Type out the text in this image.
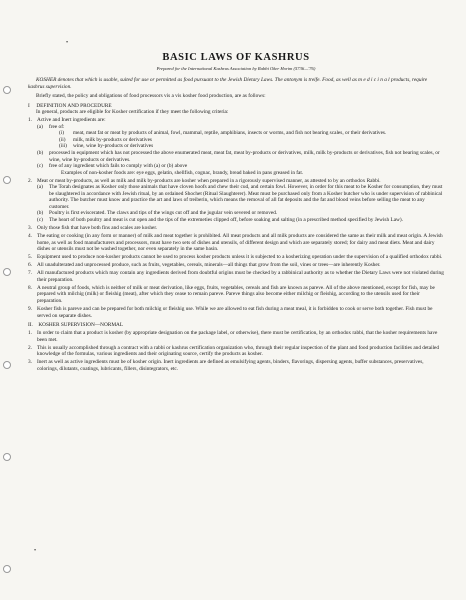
•
•
BASIC LAWS OF KASHRUS
Prepared for the International Kashrus Association by Rabbi Oker Horim (5736—'76)

KOSHER denotes that which is usable, suited for use or permitted as food pursuant to the Jewish Dietary Laws. The antonym is treife. Food, as well as m e d i c i n a l products, require kashrus supervision.

Briefly stated, the policy and obligations of food processors vis a vis kosher food production, are as follows:

I DEFINITION AND PROCEDURE

In general, products are eligible for Kosher certification if they meet the following criteria:

1. Active and Inert ingredients are:
(a) free of:
(i) meat, meat fat or meat by products of animal, fowl, mammal, reptile, amphibians, insects or worms, and fish not bearing scales, or their derivatives.
(ii) milk, milk by-products or derivatives
(iii) wine, wine by-products or derivatives
(b) processed in equipment which has not processed the above enumerated meat, meat fat, meat by-products or derivatives, milk, milk by-products or derivatives, fish not bearing scales, or wine, wine by-products or derivatives.
(c) free of any ingredient which fails to comply with (a) or (b) above
Examples of non-kosher foods are: eye eggs, gelatin, shellfish, cognac, brandy, bread baked in pans greased in fat.
2. Meat or meat by-products, as well as milk and milk by-products are kosher when prepared in a rigorously supervised manner, as attested to by an orthodox Rabbi.
(a) The Torah designates as Kosher only those animals that have cloven hoofs and chew their cud, and certain fowl. However, in order for this meat to be Kosher for consumption, they must be slaughtered in accordance with Jewish ritual, by an ordained Shochet (Ritual Slaughterer). Meat must be purchased only from a Kosher butcher who is under supervision of rabbinical authority. The butcher must know and practice the art and laws of treiberin, which means the removal of all fat deposits and the fat and blood veins before selling the meat to any customer.
(b) Poultry is first eviscerated. The claws and tips of the wings cut off and the jugular vein severed or removed.
(c) The heart of both poultry and meat is cut open and the tips of the extremeties clipped off, before soaking and salting (in a prescribed method specified by Jewish Law).
3. Only those fish that have both fins and scales are kosher.
4. The eating or cooking (in any form or manner) of milk and meat together is prohibited. All meat products and all milk products are considered the same as their milk and meat origin. A Jewish home, as well as food manufacturers and processors, must have two sets of dishes and utensils, of different design and which are separately stored; for dairy and meat diets. Meat and dairy dishes or utensils must not be washed together, nor even separately in the same basin.
5. Equipment used to produce non-kosher products cannot be used to process kosher products unless it is subjected to a kosherizing operation under the supervision of a qualified orthodox rabbi.
6. All unadulterated and unprocessed produce, such as fruits, vegetables, cereals, minerals—all things that grow from the soil, vines or trees—are inherently Kosher.
7. All manufactured products which may contain any ingredients derived from doubtful origins must be checked by a rabbinical authority as to whether the Dietary Laws were not violated during their preparation.
8. A neutral group of foods, which is neither of milk or meat derivation, like eggs, fruits, vegetables, cereals and fish are known as pareve. All of the above mentioned, except for fish, may be prepared with milchig (milk) or fleishig (meat), after which they cease to remain pareve. Pareve things also become either milchig or fleishig, according to the utensils used for their preparation.
9. Kosher fish is pareve and can be prepared for both milchig or fleishig use. While we are allowed to eat fish during a meat meal, it is forbidden to cook or serve both together. Fish must be served on separate dishes.
II. KOSHER SUPERVISION—NORMAL
1. In order to claim that a product is kosher (by appropriate designation on the package label, or otherwise), there must be certification, by an orthodox rabbi, that the kosher requirements have been met.
2. This is usually accomplished through a contract with a rabbi or kashrus certification organization who, through their regular inspection of the plant and food production facilities and detailed knowledge of the formulas, various ingredients and their originating source, certify the products as kosher.
3. Inert as well as active ingredients must be of kosher origin. Inert ingredients are defined as emulsifying agents, binders, flavorings, dispersing agents, buffer substances, preservatives, colorings, dilutants, coatings, lubricants, fillers, disintegrators, etc.
